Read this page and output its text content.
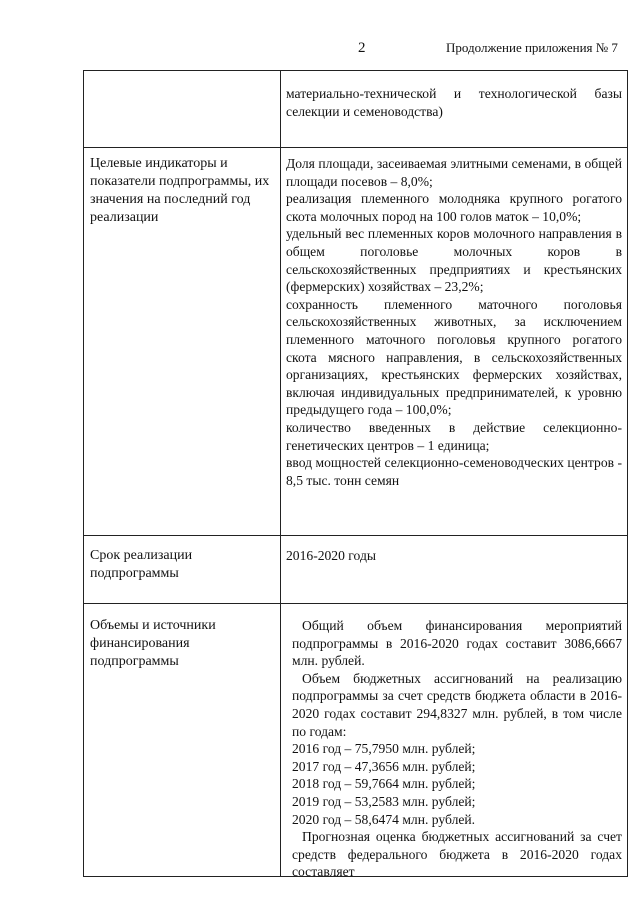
2	Продолжение приложения № 7

материально-технической и технологической базы селекции и семеноводства)

Целевые индикаторы и показатели подпрограммы, их значения на последний год реализации

Доля площади, засеиваемая элитными семенами, в общей площади посевов – 8,0%;

реализация племенного молодняка крупного рогатого скота молочных пород на 100 голов маток – 10,0%;

удельный вес племенных коров молочного направления в общем поголовье молочных коров в сельскохозяйственных предприятиях и крестьянских (фермерских) хозяйствах – 23,2%;

сохранность племенного маточного поголовья сельскохозяйственных животных, за исключением племенного маточного поголовья крупного рогатого скота мясного направления, в сельскохозяйственных организациях, крестьянских фермерских хозяйствах, включая индивидуальных предпринимателей, к уровню предыдущего года – 100,0%;

количество введенных в действие селекционно-генетических центров – 1 единица;

ввод мощностей селекционно-семеноводческих центров - 8,5 тыс. тонн семян

Срок реализации подпрограммы

2016-2020 годы

Объемы и источники финансирования подпрограммы

Общий объем финансирования мероприятий подпрограммы в 2016-2020 годах составит 3086,6667 млн. рублей.

Объем бюджетных ассигнований на реализацию подпрограммы за счет средств бюджета области в 2016-2020 годах составит 294,8327 млн. рублей, в том числе по годам:

2016 год – 75,7950 млн. рублей;

2017 год – 47,3656 млн. рублей;

2018 год – 59,7664 млн. рублей;

2019 год – 53,2583 млн. рублей;

2020 год – 58,6474 млн. рублей.

Прогнозная оценка бюджетных ассигнований за счет средств федерального бюджета в 2016-2020 годах составляет
